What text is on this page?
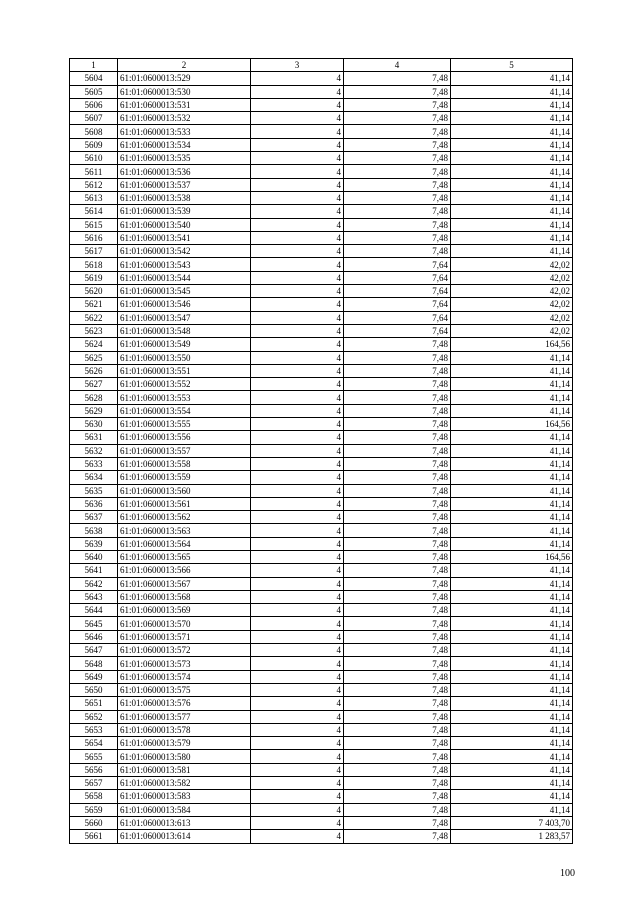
1	2	3	4	5
5604	61:01:0600013:529	4	7,48	41,14
5605	61:01:0600013:530	4	7,48	41,14
5606	61:01:0600013:531	4	7,48	41,14
5607	61:01:0600013:532	4	7,48	41,14
5608	61:01:0600013:533	4	7,48	41,14
5609	61:01:0600013:534	4	7,48	41,14
5610	61:01:0600013:535	4	7,48	41,14
5611	61:01:0600013:536	4	7,48	41,14
5612	61:01:0600013:537	4	7,48	41,14
5613	61:01:0600013:538	4	7,48	41,14
5614	61:01:0600013:539	4	7,48	41,14
5615	61:01:0600013:540	4	7,48	41,14
5616	61:01:0600013:541	4	7,48	41,14
5617	61:01:0600013:542	4	7,48	41,14
5618	61:01:0600013:543	4	7,64	42,02
5619	61:01:0600013:544	4	7,64	42,02
5620	61:01:0600013:545	4	7,64	42,02
5621	61:01:0600013:546	4	7,64	42,02
5622	61:01:0600013:547	4	7,64	42,02
5623	61:01:0600013:548	4	7,64	42,02
5624	61:01:0600013:549	4	7,48	164,56
5625	61:01:0600013:550	4	7,48	41,14
5626	61:01:0600013:551	4	7,48	41,14
5627	61:01:0600013:552	4	7,48	41,14
5628	61:01:0600013:553	4	7,48	41,14
5629	61:01:0600013:554	4	7,48	41,14
5630	61:01:0600013:555	4	7,48	164,56
5631	61:01:0600013:556	4	7,48	41,14
5632	61:01:0600013:557	4	7,48	41,14
5633	61:01:0600013:558	4	7,48	41,14
5634	61:01:0600013:559	4	7,48	41,14
5635	61:01:0600013:560	4	7,48	41,14
5636	61:01:0600013:561	4	7,48	41,14
5637	61:01:0600013:562	4	7,48	41,14
5638	61:01:0600013:563	4	7,48	41,14
5639	61:01:0600013:564	4	7,48	41,14
5640	61:01:0600013:565	4	7,48	164,56
5641	61:01:0600013:566	4	7,48	41,14
5642	61:01:0600013:567	4	7,48	41,14
5643	61:01:0600013:568	4	7,48	41,14
5644	61:01:0600013:569	4	7,48	41,14
5645	61:01:0600013:570	4	7,48	41,14
5646	61:01:0600013:571	4	7,48	41,14
5647	61:01:0600013:572	4	7,48	41,14
5648	61:01:0600013:573	4	7,48	41,14
5649	61:01:0600013:574	4	7,48	41,14
5650	61:01:0600013:575	4	7,48	41,14
5651	61:01:0600013:576	4	7,48	41,14
5652	61:01:0600013:577	4	7,48	41,14
5653	61:01:0600013:578	4	7,48	41,14
5654	61:01:0600013:579	4	7,48	41,14
5655	61:01:0600013:580	4	7,48	41,14
5656	61:01:0600013:581	4	7,48	41,14
5657	61:01:0600013:582	4	7,48	41,14
5658	61:01:0600013:583	4	7,48	41,14
5659	61:01:0600013:584	4	7,48	41,14
5660	61:01:0600013:613	4	7,48	7 403,70
5661	61:01:0600013:614	4	7,48	1 283,57
100
